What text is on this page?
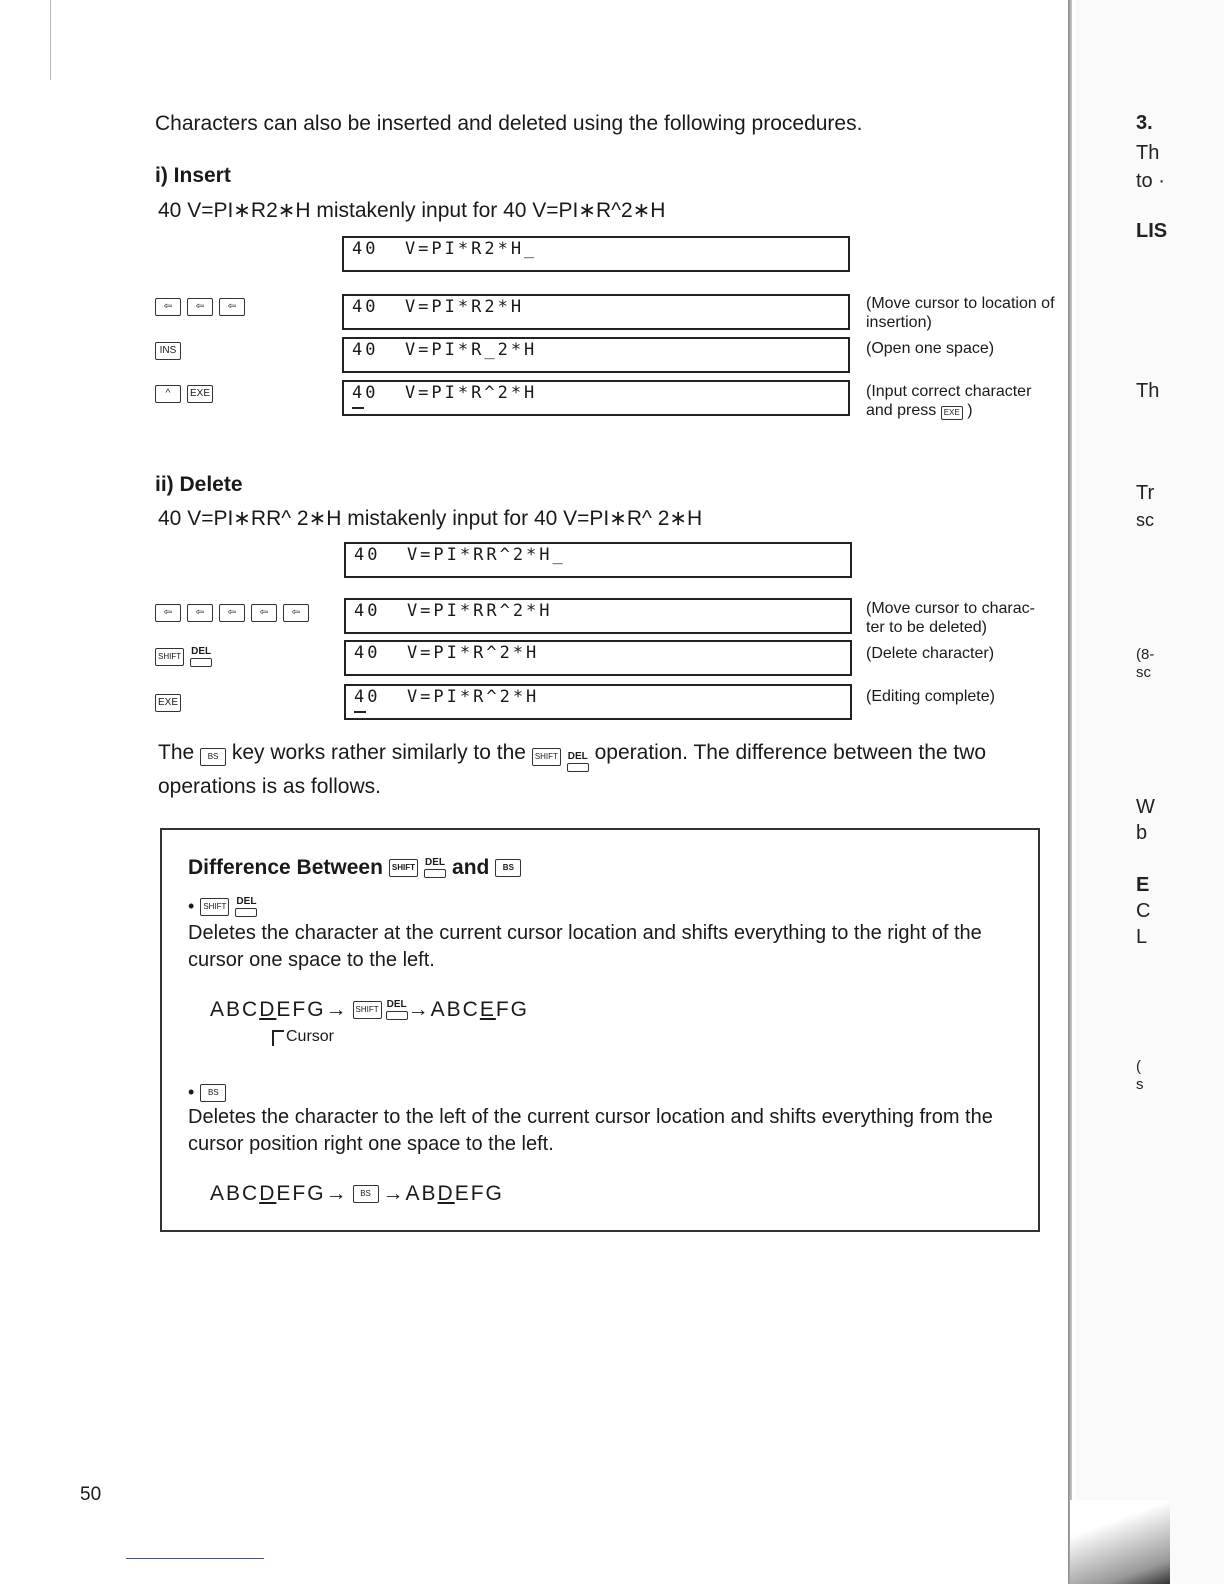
Characters can also be inserted and deleted using the following procedures.
i) Insert
40 V=PI∗R2∗H mistakenly input for 40 V=PI∗R^2∗H
40  V=PI*R2*H_
⇦	⇦	⇦	40  V=PI*R2*H	(Move cursor to location of insertion)
INS	40  V=PI*R_2*H	(Open one space)
^	EXE	40  V=PI*R^2*H	(Input correct character and press EXE )
ii) Delete
40 V=PI∗RR^ 2∗H mistakenly input for 40 V=PI∗R^ 2∗H
40  V=PI*RR^2*H_
⇦	⇦	⇦	⇦	⇦	40  V=PI*RR^2*H	(Move cursor to charac-ter to be deleted)
SHIFT	DEL	40  V=PI*R^2*H	(Delete character)
EXE	40  V=PI*R^2*H	(Editing complete)
The BS key works rather similarly to the SHIFT DEL operation. The difference between the two operations is as follows.
Difference Between	SHIFT	DEL and	BS
•	SHIFT	DEL
Deletes the character at the current cursor location and shifts everything to the right of the cursor one space to the left.
ABC D EFG→ SHIFT DEL →ABC E FG
Cursor
•	BS
Deletes the character to the left of the current cursor location and shifts everything from the cursor position right one space to the left.
ABC D EFG→	BS →AB D EFG
50
3.
Th
to ·
LIS
Th
Tr
sc
(8-
sc
W
b
E
C
L
(
s
